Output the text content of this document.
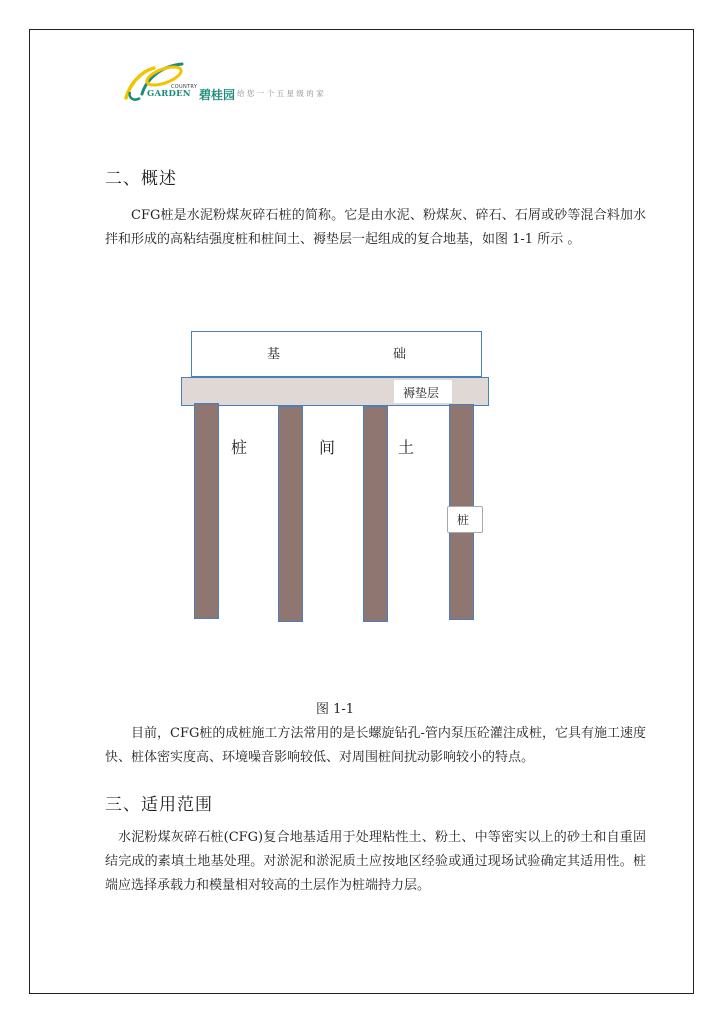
COUNTRY
GARDEN 碧桂园 给您一个五星级的家
二、概述
CFG桩是水泥粉煤灰碎石桩的简称。它是由水泥、粉煤灰、碎石、石屑或砂等混合料加水拌和形成的高粘结强度桩和桩间土、褥垫层一起组成的复合地基，如图 1-1 所示 。
基	础
褥垫层
桩	间	土
桩
图 1-1
目前，CFG桩的成桩施工方法常用的是长螺旋钻孔-管内泵压砼灌注成桩，它具有施工速度快、桩体密实度高、环境噪音影响较低、对周围桩间扰动影响较小的特点。
三、适用范围
水泥粉煤灰碎石桩(CFG)复合地基适用于处理粘性土、粉土、中等密实以上的砂土和自重固结完成的素填土地基处理。对淤泥和淤泥质土应按地区经验或通过现场试验确定其适用性。桩端应选择承载力和模量相对较高的土层作为桩端持力层。
